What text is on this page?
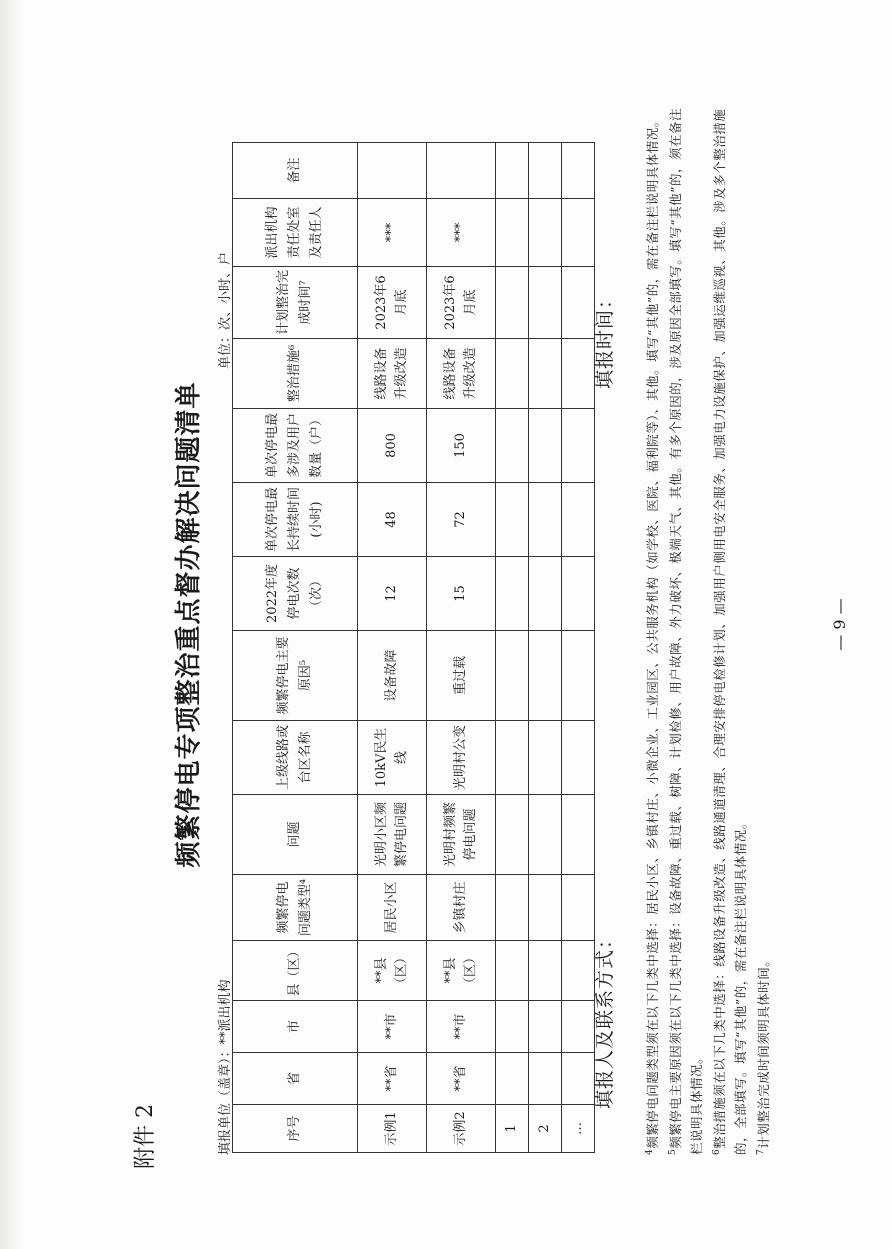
附件 2
频繁停电专项整治重点督办解决问题清单
填报单位（盖章）：**派出机构
单位：次、小时、户
序号	省	市	县（区）	频繁停电问题类型⁴	问题	上级线路或台区名称	频繁停电主要原因⁵	2022年度停电次数（次）	单次停电最长持续时间(小时)	单次停电最多涉及用户数量（户）	整治措施⁶	计划整治完成时间⁷	派出机构责任处室及责任人	备注
示例1	**省	**市	**县（区）	居民小区	光明小区频繁停电问题	10kV民生线	设备故障	12	48	800	线路设备升级改造	2023年6月底	***	
示例2	**省	**市	**县（区）	乡镇村庄	光明村频繁停电问题	光明村公变	重过载	15	72	150	线路设备升级改造	2023年6月底	***	
1														
2														
…														
填报人及联系方式：
填报时间：

$^4$频繁停电问题类型须在以下几类中选择：居民小区、乡镇村庄、小微企业、工业园区、公共服务机构（如学校、医院、福利院等）、其他。填写“其他”的，需在备注栏说明具体情况。

$^5$频繁停电主要原因须在以下几类中选择：设备故障、重过载、树障、计划检修、用户故障、外力破坏、极端天气、其他。有多个原因的，涉及原因全部填写。填写“其他”的，须在备注栏说明具体情况。 $^6$整治措施须在以下几类中选择：线路设备升级改造、线路通道清理、合理安排停电检修计划、加强用户侧用电安全服务、加强电力设施保护、加强运维巡视、其他。涉及多个整治措施的，全部填写。填写“其他”的，需在备注栏说明具体情况。 $^7$计划整治完成时间须明具体时间。

— 9 —
